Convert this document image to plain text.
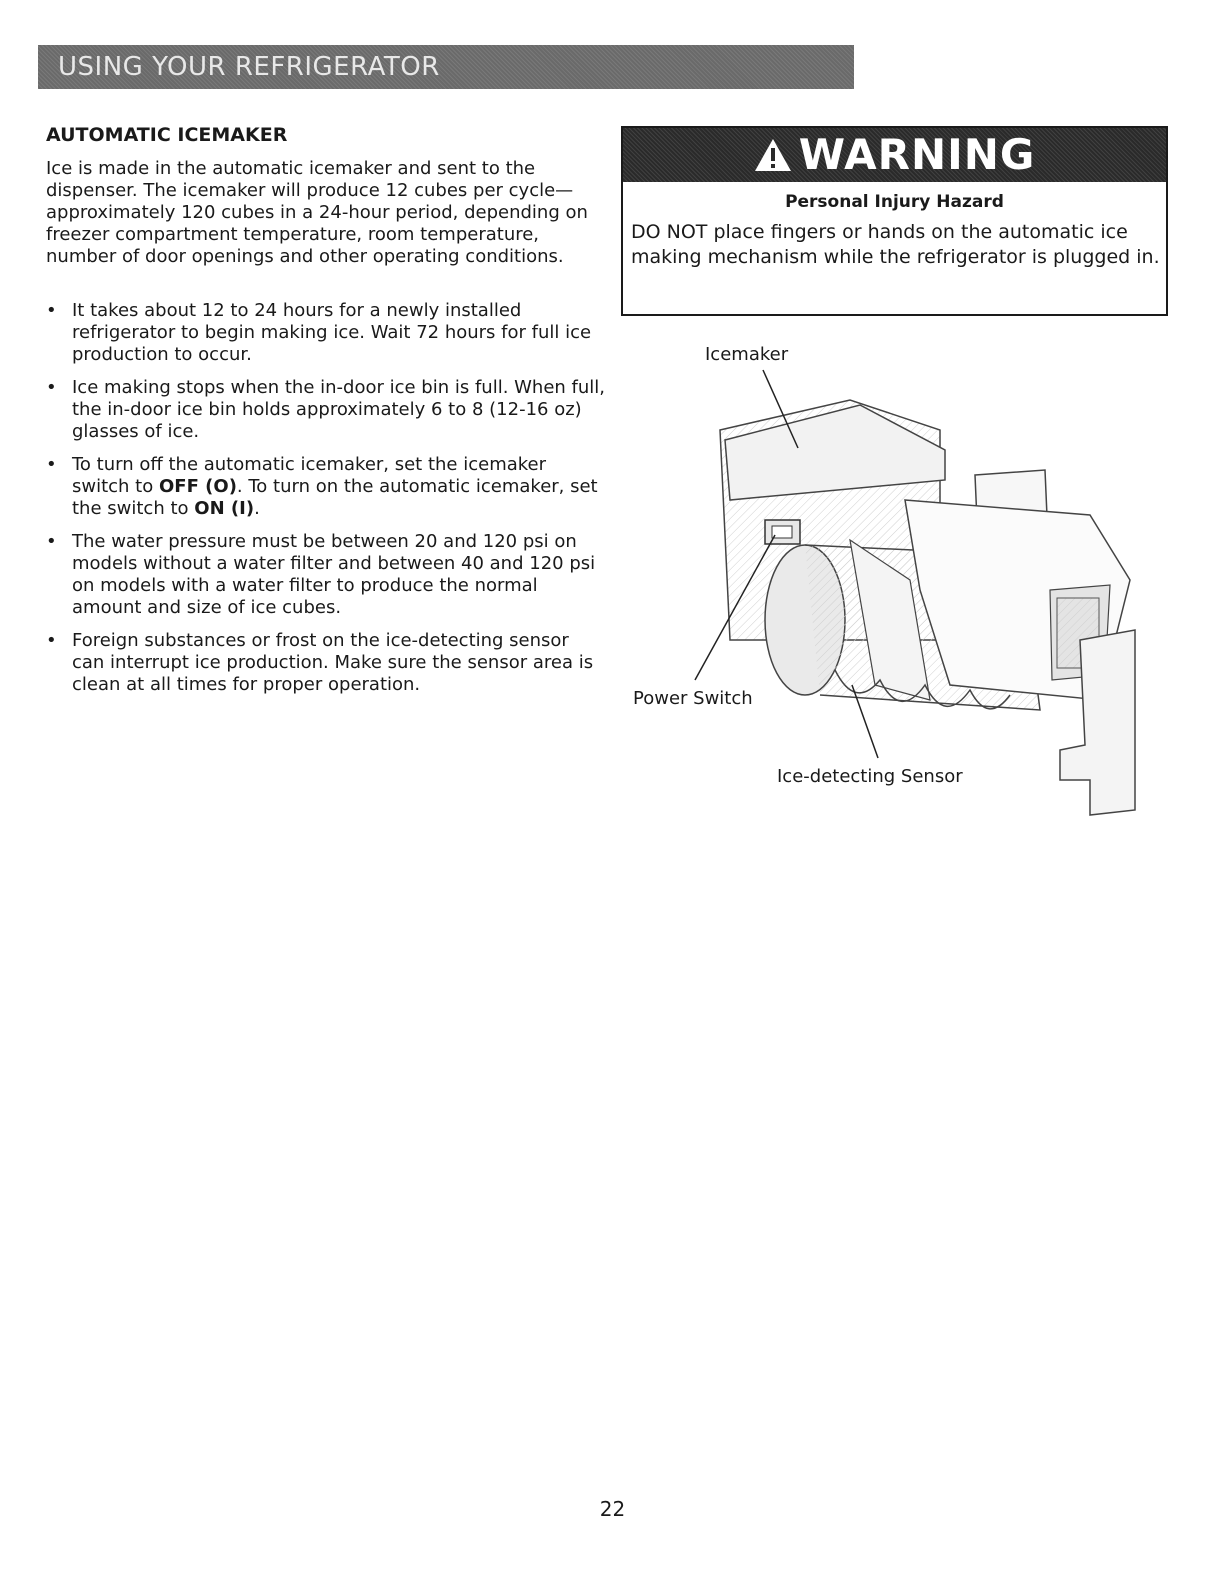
USING YOUR REFRIGERATOR
AUTOMATIC ICEMAKER

Ice is made in the automatic icemaker and sent to the dispenser. The icemaker will produce 12 cubes per cycle—approximately 120 cubes in a 24-hour period, depending on freezer compartment temperature, room temperature, number of door openings and other operating conditions.

• It takes about 12 to 24 hours for a newly installed refrigerator to begin making ice. Wait 72 hours for full ice production to occur.
• Ice making stops when the in-door ice bin is full. When full, the in-door ice bin holds approximately 6 to 8 (12-16 oz) glasses of ice.
• To turn off the automatic icemaker, set the icemaker switch to OFF (O). To turn on the automatic icemaker, set the switch to ON (I).
• The water pressure must be between 20 and 120 psi on models without a water filter and between 40 and 120 psi on models with a water filter to produce the normal amount and size of ice cubes.
• Foreign substances or frost on the ice-detecting sensor can interrupt ice production. Make sure the sensor area is clean at all times for proper operation.
WARNING
Personal Injury Hazard
DO NOT place fingers or hands on the automatic ice making mechanism while the refrigerator is plugged in.
Icemaker
Power Switch
Ice-detecting Sensor
22
